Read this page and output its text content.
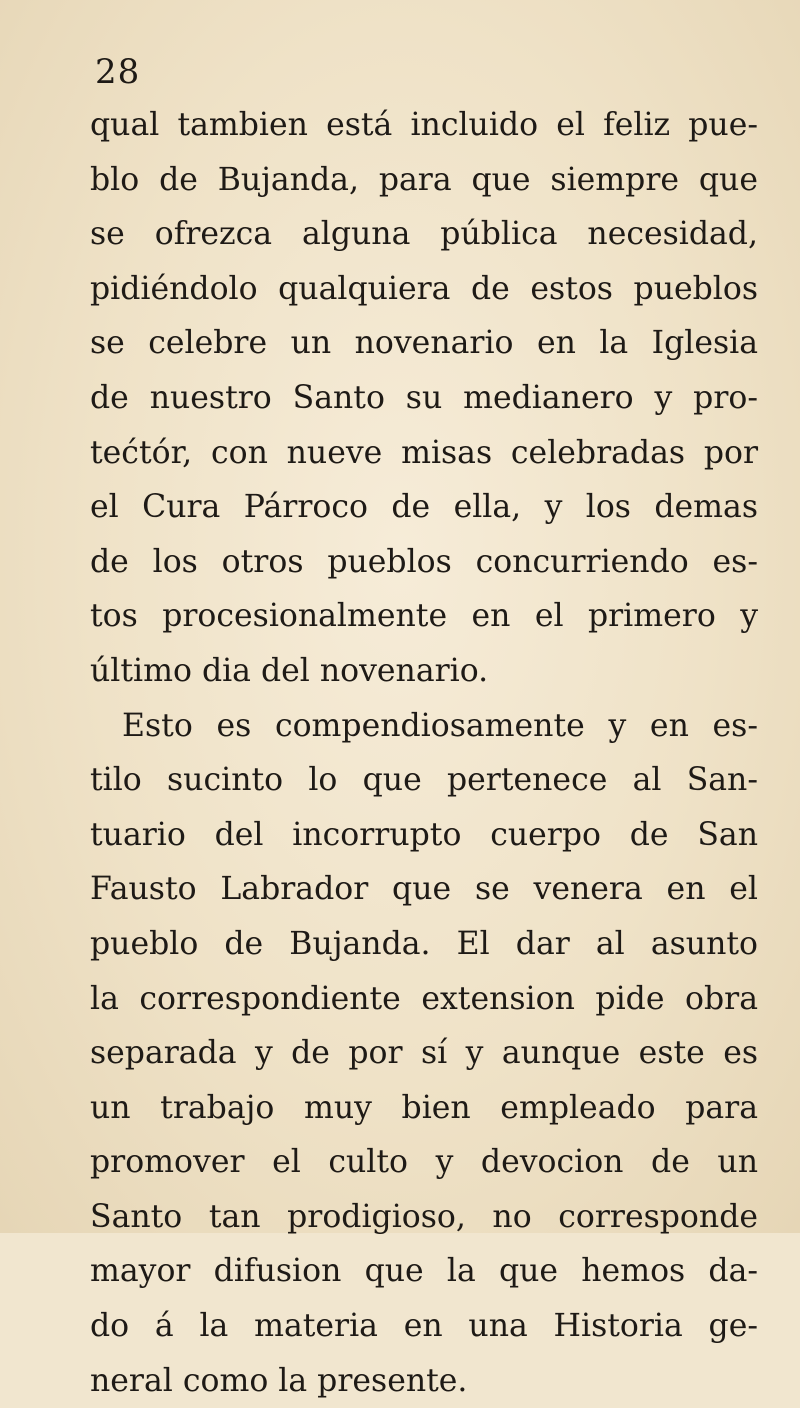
28
qual tambien está incluido el feliz pue-
blo de Bujanda, para que siempre que
se ofrezca alguna pública necesidad,
pidiéndolo qualquiera de estos pueblos
se celebre un novenario en la Iglesia
de nuestro Santo su medianero y pro-
tećtór, con nueve misas celebradas por
el Cura Párroco de ella, y los demas
de los otros pueblos concurriendo es-
tos procesionalmente en el primero y
último dia del novenario.
Esto es compendiosamente y en es-
tilo sucinto lo que pertenece al San-
tuario del incorrupto cuerpo de San
Fausto Labrador que se venera en el
pueblo de Bujanda. El dar al asunto
la correspondiente extension pide obra
separada y de por sí y aunque este es
un trabajo muy bien empleado para
promover el culto y devocion de un
Santo tan prodigioso, no corresponde
mayor difusion que la que hemos da-
do á la materia en una Historia ge-
neral como la presente.
